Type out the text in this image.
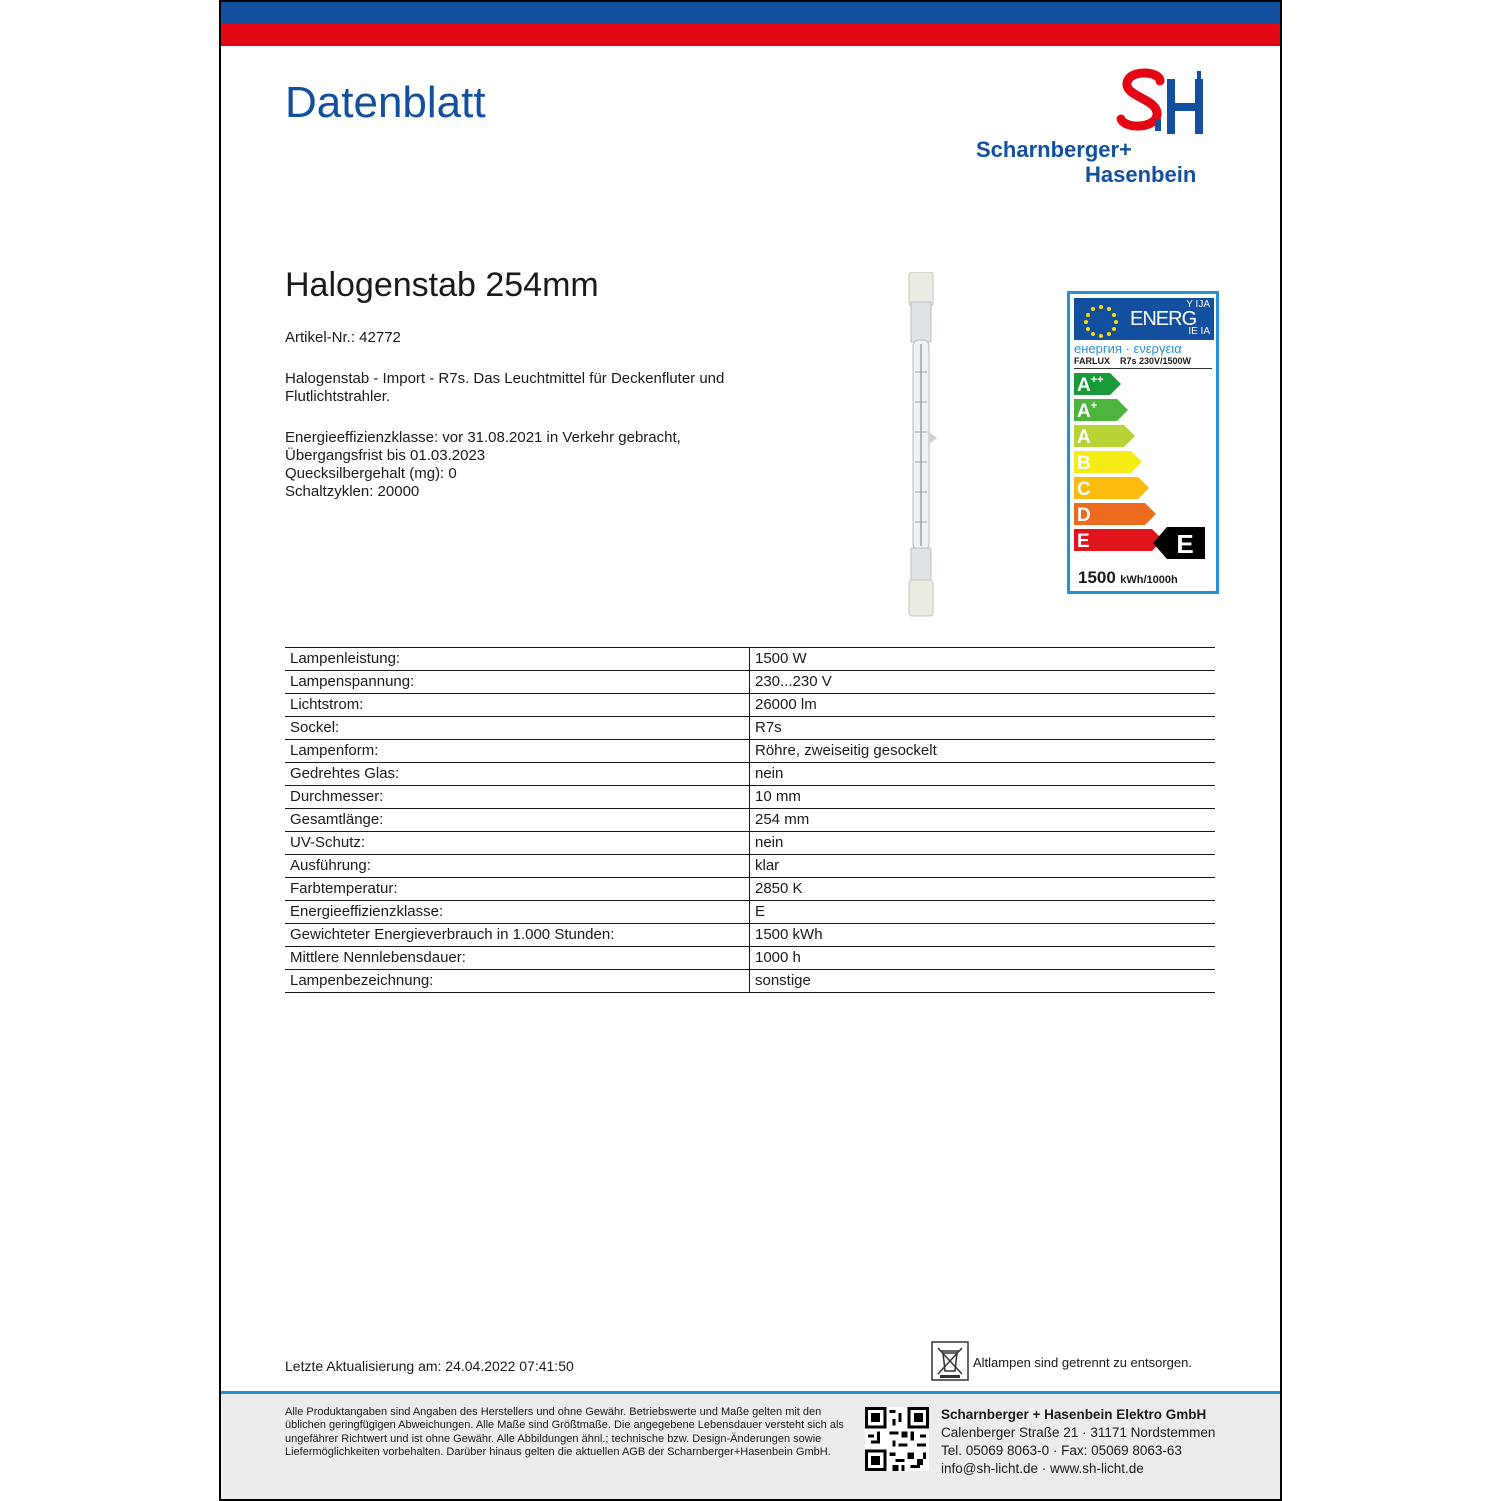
Datenblatt
Scharnberger+
Hasenbein
Halogenstab 254mm
Artikel-Nr.: 42772
Halogenstab - Import - R7s. Das Leuchtmittel für Deckenfluter und Flutlichtstrahler.
Energieeffizienzklasse: vor 31.08.2021 in Verkehr gebracht,
Übergangsfrist bis 01.03.2023
Quecksilbergehalt (mg): 0
Schaltzyklen: 20000
ENERG
Y IJA
IE IA
енергия · ενεργεια
FARLUX R7s 230V/1500W
A++
A+
A
B
C
D
E	E
1500 kWh/1000h
Lampenleistung:	1500 W
Lampenspannung:	230...230 V
Lichtstrom:	26000 lm
Sockel:	R7s
Lampenform:	Röhre, zweiseitig gesockelt
Gedrehtes Glas:	nein
Durchmesser:	10 mm
Gesamtlänge:	254 mm
UV-Schutz:	nein
Ausführung:	klar
Farbtemperatur:	2850 K
Energieeffizienzklasse:	E
Gewichteter Energieverbrauch in 1.000 Stunden:	1500 kWh
Mittlere Nennlebensdauer:	1000 h
Lampenbezeichnung:	sonstige
Letzte Aktualisierung am: 24.04.2022 07:41:50	Altlampen sind getrennt zu entsorgen.
Alle Produktangaben sind Angaben des Herstellers und ohne Gewähr. Betriebswerte und Maße gelten mit den üblichen geringfügigen Abweichungen. Alle Maße sind Größtmaße. Die angegebene Lebensdauer versteht sich als ungefährer Richtwert und ist ohne Gewähr. Alle Abbildungen ähnl.; technische bzw. Design-Änderungen sowie Liefermöglichkeiten vorbehalten. Darüber hinaus gelten die aktuellen AGB der Scharnberger+Hasenbein GmbH.
Scharnberger + Hasenbein Elektro GmbH
Calenberger Straße 21 · 31171 Nordstemmen
Tel. 05069 8063-0 · Fax: 05069 8063-63
info@sh-licht.de · www.sh-licht.de
